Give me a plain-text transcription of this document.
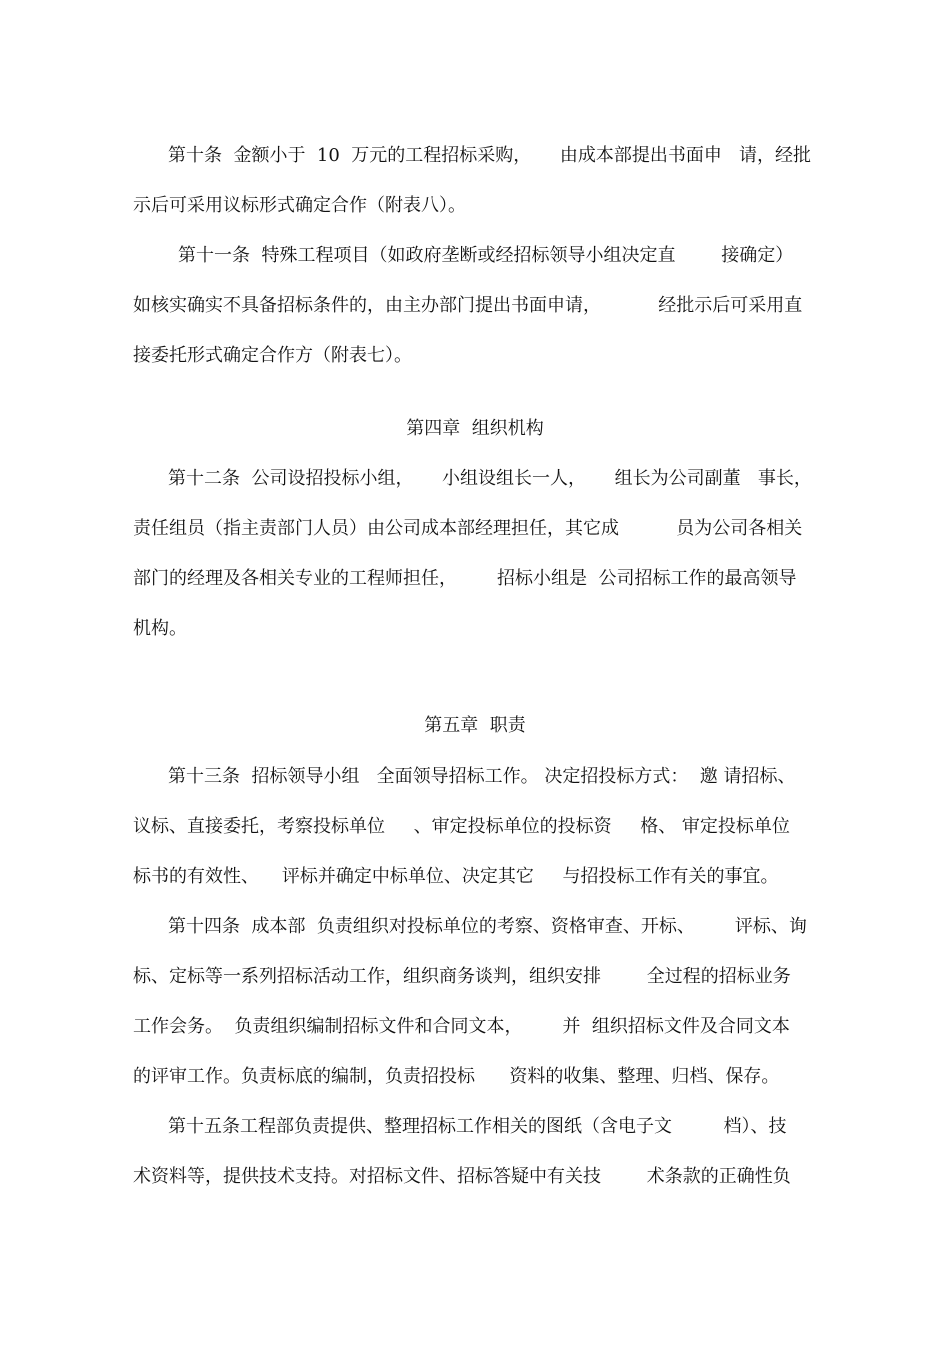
第十条  金额小于  10  万元的工程招标采购，     由成本部提出书面申   请，经批
示后可采用议标形式确定合作（附表八）。
第十一条  特殊工程项目（如政府垄断或经招标领导小组决定直        接确定）
如核实确实不具备招标条件的，由主办部门提出书面申请，          经批示后可采用直
接委托形式确定合作方（附表七）。
第四章  组织机构
第十二条  公司设招投标小组，     小组设组长一人，     组长为公司副董   事长，
责任组员（指主责部门人员）由公司成本部经理担任，其它成          员为公司各相关
部门的经理及各相关专业的工程师担任，       招标小组是  公司招标工作的最高领导
机构。
第五章  职责
第十三条  招标领导小组   全面领导招标工作。 决定招投标方式：  邀 请招标、
议标、直接委托，考察投标单位     、审定投标单位的投标资     格、 审定投标单位
标书的有效性、    评标并确定中标单位、决定其它     与招投标工作有关的事宜。
第十四条  成本部  负责组织对投标单位的考察、资格审查、开标、       评标、询
标、定标等一系列招标活动工作，组织商务谈判，组织安排        全过程的招标业务
工作会务。  负责组织编制招标文件和合同文本，       并  组织招标文件及合同文本
的评审工作。负责标底的编制，负责招投标      资料的收集、整理、归档、保存。
第十五条工程部负责提供、整理招标工作相关的图纸（含电子文         档）、技
术资料等，提供技术支持。对招标文件、招标答疑中有关技        术条款的正确性负
